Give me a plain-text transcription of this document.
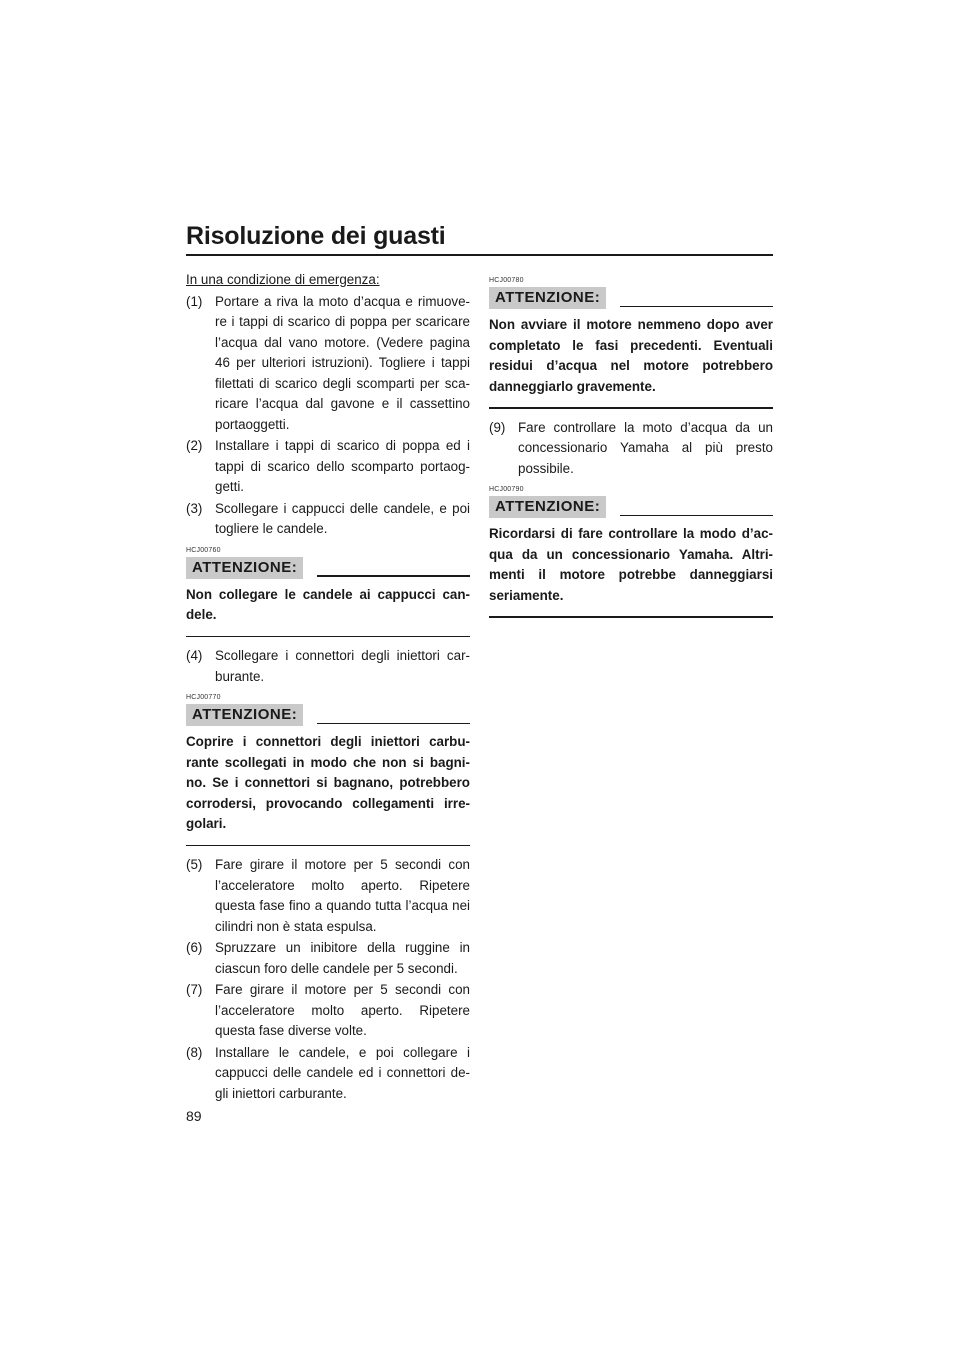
Risoluzione dei guasti
In una condizione di emergenza:
(1) Portare a riva la moto d’acqua e rimuove-re i tappi di scarico di poppa per scaricare l’acqua dal vano motore. (Vedere pagina 46 per ulteriori istruzioni). Togliere i tappi filettati di scarico degli scomparti per sca-ricare l’acqua dal gavone e il cassettino portaoggetti.
(2) Installare i tappi di scarico di poppa ed i tappi di scarico dello scomparto portaog-getti.
(3) Scollegare i cappucci delle candele, e poi togliere le candele.
HCJ00760
ATTENZIONE:

Non collegare le candele ai cappucci can-dele.

(4) Scollegare i connettori degli iniettori car-burante.
HCJ00770
ATTENZIONE:

Coprire i connettori degli iniettori carbu-rante scollegati in modo che non si bagni-no. Se i connettori si bagnano, potrebbero corrodersi, provocando collegamenti irre-golari.

(5) Fare girare il motore per 5 secondi con l’acceleratore molto aperto. Ripetere questa fase fino a quando tutta l’acqua nei cilindri non è stata espulsa.
(6) Spruzzare un inibitore della ruggine in ciascun foro delle candele per 5 secondi.
(7) Fare girare il motore per 5 secondi con l’acceleratore molto aperto. Ripetere questa fase diverse volte.
(8) Installare le candele, e poi collegare i cappucci delle candele ed i connettori de-gli iniettori carburante.
HCJ00780
ATTENZIONE:

Non avviare il motore nemmeno dopo aver completato le fasi precedenti. Eventuali residui d’acqua nel motore potrebbero danneggiarlo gravemente.

(9) Fare controllare la moto d’acqua da un concessionario Yamaha al più presto possibile.
HCJ00790
ATTENZIONE:

Ricordarsi di fare controllare la modo d’ac-qua da un concessionario Yamaha. Altri-menti il motore potrebbe danneggiarsi seriamente.

89
